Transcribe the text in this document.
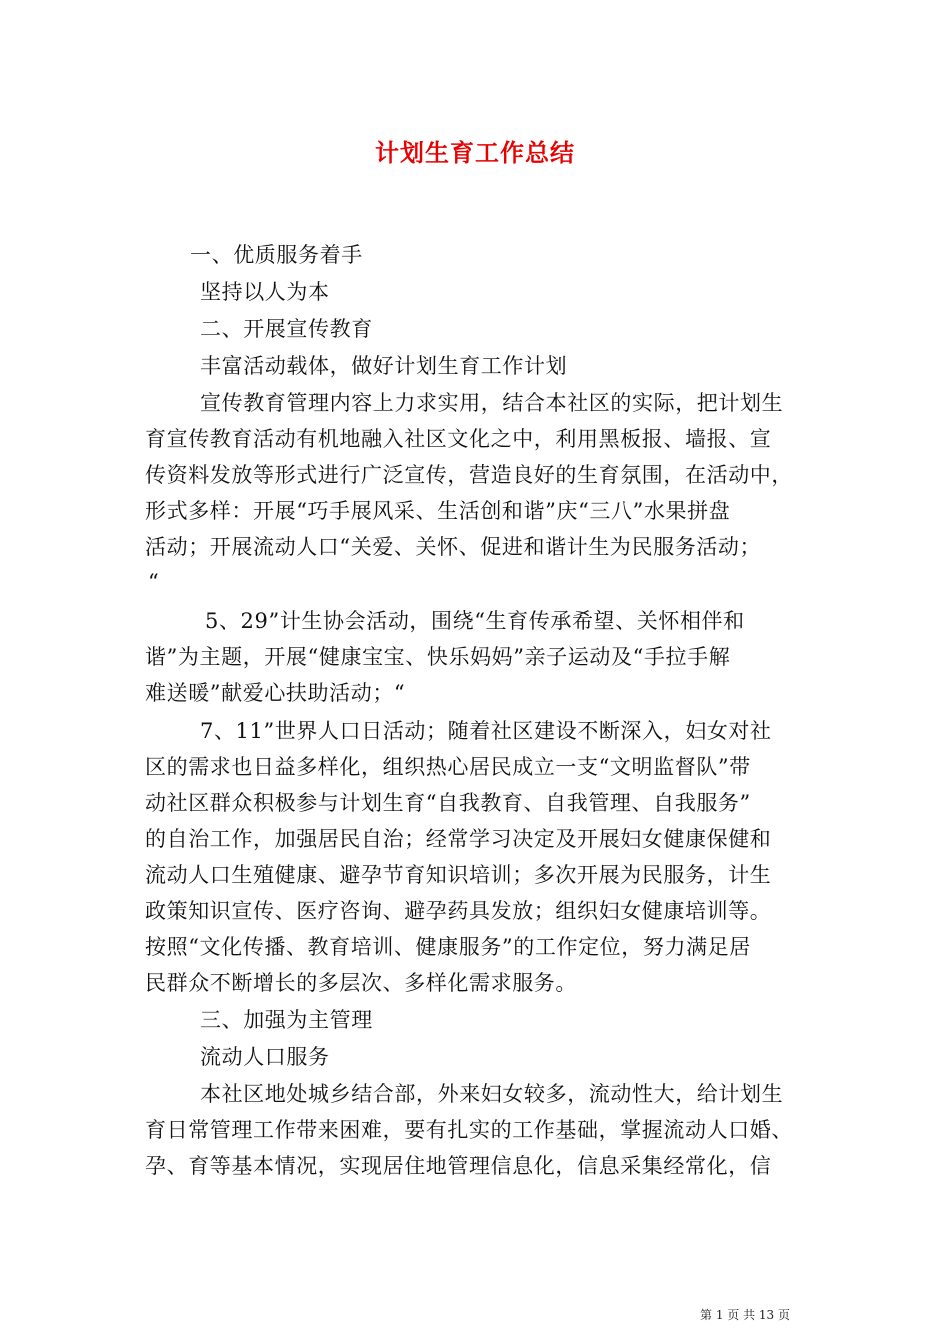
计划生育工作总结
一、优质服务着手
坚持以人为本
二、开展宣传教育
丰富活动载体，做好计划生育工作计划
宣传教育管理内容上力求实用，结合本社区的实际，把计划生
育宣传教育活动有机地融入社区文化之中，利用黑板报、墙报、宣
传资料发放等形式进行广泛宣传，营造良好的生育氛围，在活动中，
形式多样：开展“巧手展风采、生活创和谐”庆“三八”水果拼盘
活动；开展流动人口“关爱、关怀、促进和谐计生为民服务活动；
“
5、29”计生协会活动，围绕“生育传承希望、关怀相伴和
谐”为主题，开展“健康宝宝、快乐妈妈”亲子运动及“手拉手解
难送暖”献爱心扶助活动；“
7、11”世界人口日活动；随着社区建设不断深入，妇女对社
区的需求也日益多样化，组织热心居民成立一支“文明监督队”带
动社区群众积极参与计划生育“自我教育、自我管理、自我服务”
的自治工作，加强居民自治；经常学习决定及开展妇女健康保健和
流动人口生殖健康、避孕节育知识培训；多次开展为民服务，计生
政策知识宣传、医疗咨询、避孕药具发放；组织妇女健康培训等。
按照“文化传播、教育培训、健康服务”的工作定位，努力满足居
民群众不断增长的多层次、多样化需求服务。
三、加强为主管理
流动人口服务
本社区地处城乡结合部，外来妇女较多，流动性大，给计划生
育日常管理工作带来困难，要有扎实的工作基础，掌握流动人口婚、
孕、育等基本情况，实现居住地管理信息化，信息采集经常化，信
第 1 页 共 13 页
